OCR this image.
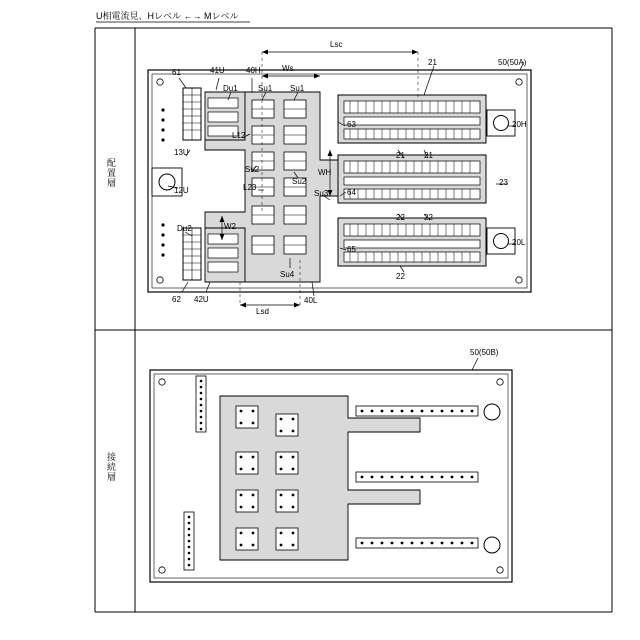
U相電流見、Hレベル ←→ Mレベル
配置層
接続層
Lsc
Ws
WH
W2
Lsd
61	41U	40H
21	50(50A)
Du1	Su1 Su1
63	20H
L12
13U	21 21
12U
Su2
Su2
L23
Su3 64
23
Du2
22 22
65
20L
22
Su4
62 42U	40L
50(50B)
